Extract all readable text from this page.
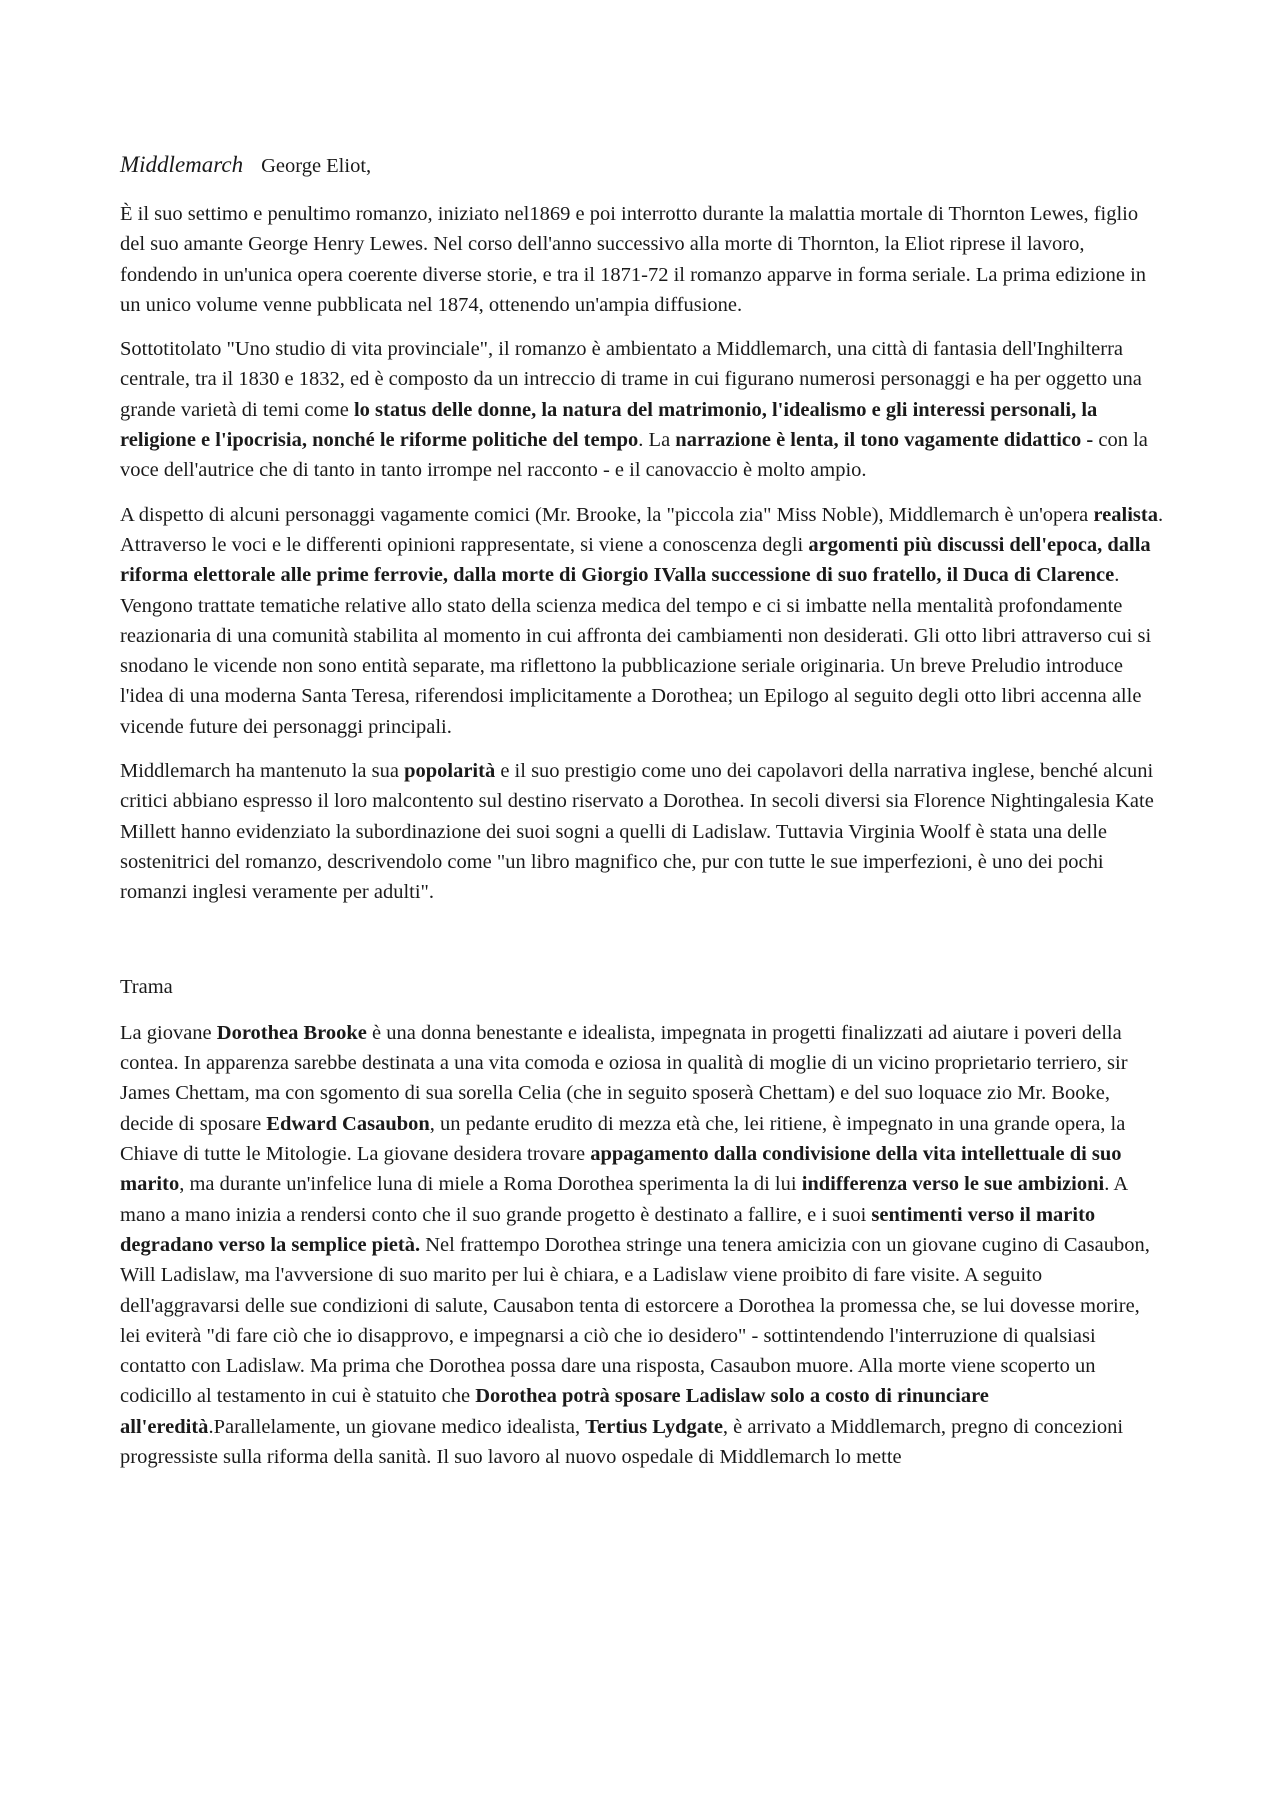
Middlemarch George Eliot,

È il suo settimo e penultimo romanzo, iniziato nel1869 e poi interrotto durante la malattia mortale di Thornton Lewes, figlio del suo amante George Henry Lewes. Nel corso dell'anno successivo alla morte di Thornton, la Eliot riprese il lavoro, fondendo in un'unica opera coerente diverse storie, e tra il 1871-72 il romanzo apparve in forma seriale. La prima edizione in un unico volume venne pubblicata nel 1874, ottenendo un'ampia diffusione.

Sottotitolato "Uno studio di vita provinciale", il romanzo è ambientato a Middlemarch, una città di fantasia dell'Inghilterra centrale, tra il 1830 e 1832, ed è composto da un intreccio di trame in cui figurano numerosi personaggi e ha per oggetto una grande varietà di temi come lo status delle donne, la natura del matrimonio, l'idealismo e gli interessi personali, la religione e l'ipocrisia, nonché le riforme politiche del tempo. La narrazione è lenta, il tono vagamente didattico - con la voce dell'autrice che di tanto in tanto irrompe nel racconto - e il canovaccio è molto ampio.

A dispetto di alcuni personaggi vagamente comici (Mr. Brooke, la "piccola zia" Miss Noble), Middlemarch è un'opera realista. Attraverso le voci e le differenti opinioni rappresentate, si viene a conoscenza degli argomenti più discussi dell'epoca, dalla riforma elettorale alle prime ferrovie, dalla morte di Giorgio IValla successione di suo fratello, il Duca di Clarence. Vengono trattate tematiche relative allo stato della scienza medica del tempo e ci si imbatte nella mentalità profondamente reazionaria di una comunità stabilita al momento in cui affronta dei cambiamenti non desiderati. Gli otto libri attraverso cui si snodano le vicende non sono entità separate, ma riflettono la pubblicazione seriale originaria. Un breve Preludio introduce l'idea di una moderna Santa Teresa, riferendosi implicitamente a Dorothea; un Epilogo al seguito degli otto libri accenna alle vicende future dei personaggi principali.

Middlemarch ha mantenuto la sua popolarità e il suo prestigio come uno dei capolavori della narrativa inglese, benché alcuni critici abbiano espresso il loro malcontento sul destino riservato a Dorothea. In secoli diversi sia Florence Nightingalesia Kate Millett hanno evidenziato la subordinazione dei suoi sogni a quelli di Ladislaw. Tuttavia Virginia Woolf è stata una delle sostenitrici del romanzo, descrivendolo come "un libro magnifico che, pur con tutte le sue imperfezioni, è uno dei pochi romanzi inglesi veramente per adulti".

Trama

La giovane Dorothea Brooke è una donna benestante e idealista, impegnata in progetti finalizzati ad aiutare i poveri della contea. In apparenza sarebbe destinata a una vita comoda e oziosa in qualità di moglie di un vicino proprietario terriero, sir James Chettam, ma con sgomento di sua sorella Celia (che in seguito sposerà Chettam) e del suo loquace zio Mr. Booke, decide di sposare Edward Casaubon, un pedante erudito di mezza età che, lei ritiene, è impegnato in una grande opera, la Chiave di tutte le Mitologie. La giovane desidera trovare appagamento dalla condivisione della vita intellettuale di suo marito, ma durante un'infelice luna di miele a Roma Dorothea sperimenta la di lui indifferenza verso le sue ambizioni. A mano a mano inizia a rendersi conto che il suo grande progetto è destinato a fallire, e i suoi sentimenti verso il marito degradano verso la semplice pietà. Nel frattempo Dorothea stringe una tenera amicizia con un giovane cugino di Casaubon, Will Ladislaw, ma l'avversione di suo marito per lui è chiara, e a Ladislaw viene proibito di fare visite. A seguito dell'aggravarsi delle sue condizioni di salute, Causabon tenta di estorcere a Dorothea la promessa che, se lui dovesse morire, lei eviterà "di fare ciò che io disapprovo, e impegnarsi a ciò che io desidero" - sottintendendo l'interruzione di qualsiasi contatto con Ladislaw. Ma prima che Dorothea possa dare una risposta, Casaubon muore. Alla morte viene scoperto un codicillo al testamento in cui è statuito che Dorothea potrà sposare Ladislaw solo a costo di rinunciare all'eredità.Parallelamente, un giovane medico idealista, Tertius Lydgate, è arrivato a Middlemarch, pregno di concezioni progressiste sulla riforma della sanità. Il suo lavoro al nuovo ospedale di Middlemarch lo mette
